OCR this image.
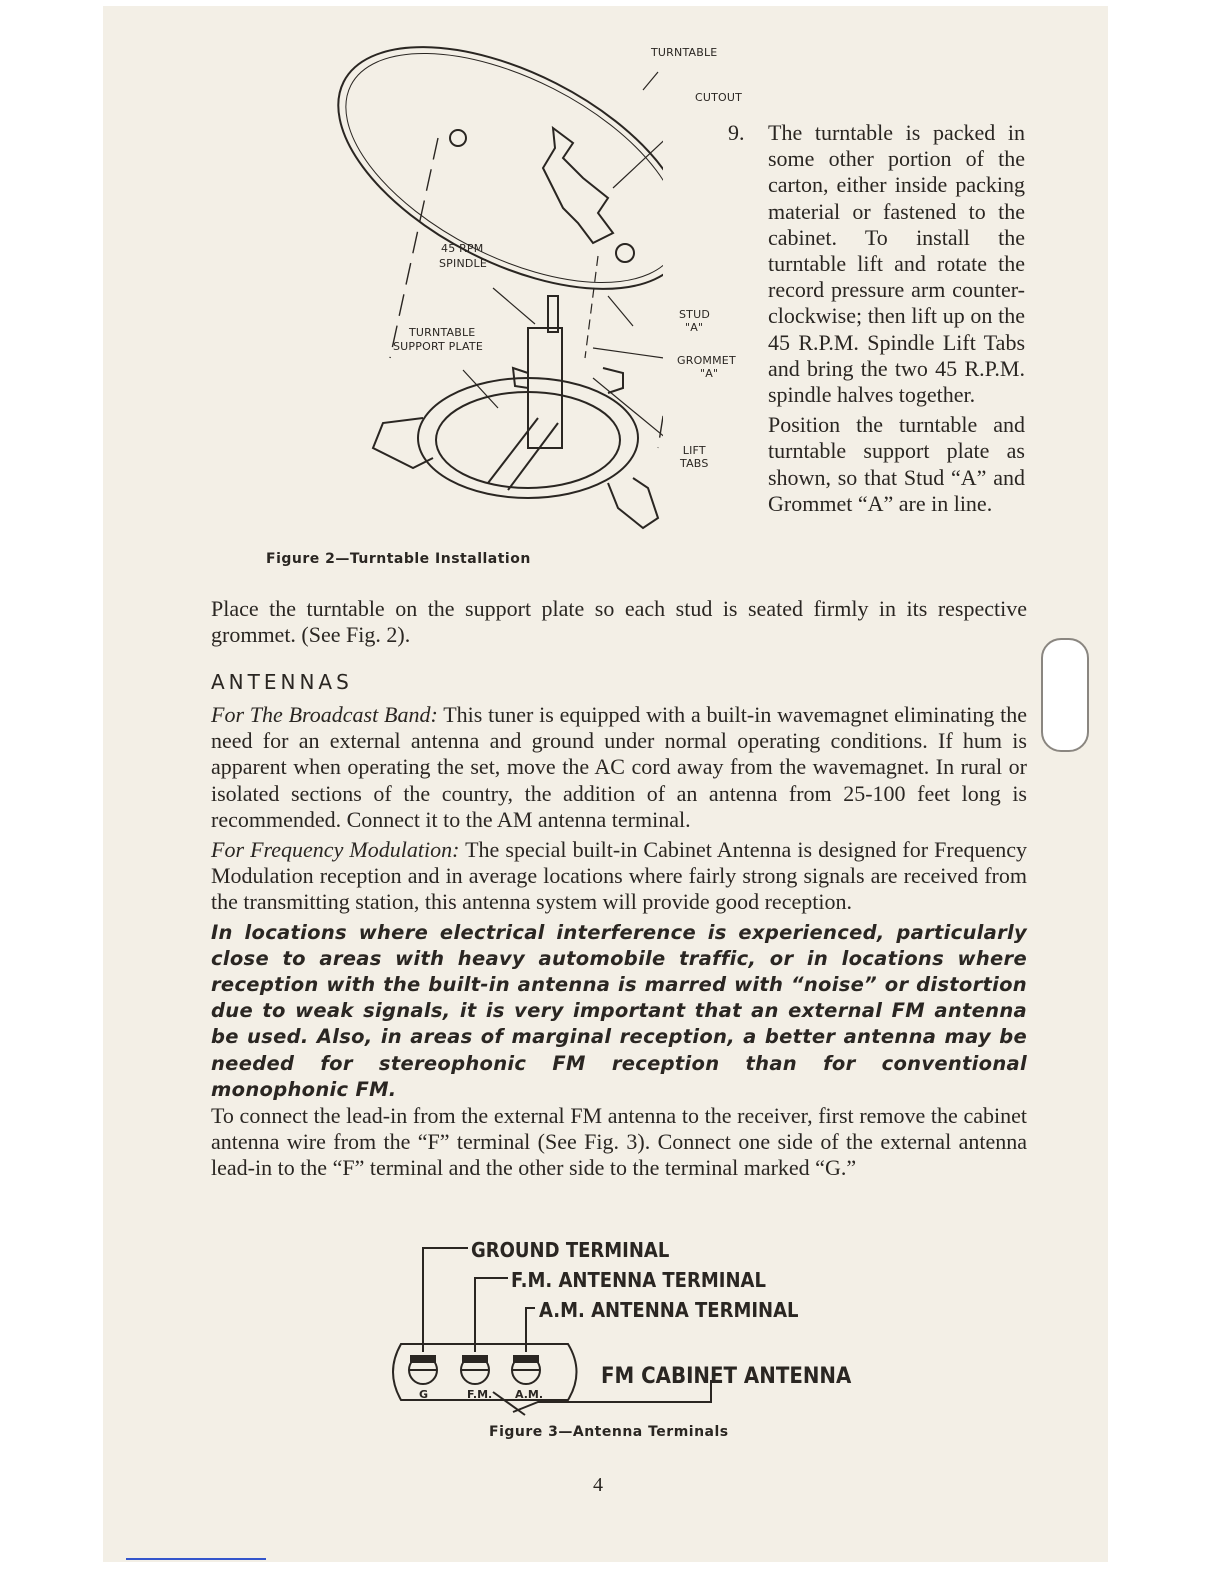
TURNTABLE
CUTOUT
45 RPM
SPINDLE
TURNTABLE
SUPPORT PLATE
STUD
"A"
GROMMET
"A"
LIFT TABS
Figure 2—Turntable Installation
9. The turntable is packed in some other portion of the carton, either inside packing material or fastened to the cabinet. To install the turntable lift and rotate the record pressure arm counter-clockwise; then lift up on the 45 R.P.M. Spindle Lift Tabs and bring the two 45 R.P.M. spindle halves together.

Position the turntable and turntable support plate as shown, so that Stud “A” and Grommet “A” are in line.

Place the turntable on the support plate so each stud is seated firmly in its respective grommet. (See Fig. 2).

ANTENNAS

For The Broadcast Band: This tuner is equipped with a built-in wavemagnet eliminating the need for an external antenna and ground under normal operating conditions. If hum is apparent when operating the set, move the AC cord away from the wavemagnet. In rural or isolated sections of the country, the addition of an antenna from 25-100 feet long is recommended. Connect it to the AM antenna terminal.

For Frequency Modulation: The special built-in Cabinet Antenna is designed for Frequency Modulation reception and in average locations where fairly strong signals are received from the transmitting station, this antenna system will provide good reception.

In locations where electrical interference is experienced, particularly close to areas with heavy automobile traffic, or in locations where reception with the built-in antenna is marred with “noise” or distortion due to weak signals, it is very important that an external FM antenna be used. Also, in areas of marginal reception, a better antenna may be needed for stereophonic FM reception than for conventional monophonic FM.

To connect the lead-in from the external FM antenna to the receiver, first remove the cabinet antenna wire from the “F” terminal (See Fig. 3). Connect one side of the external antenna lead-in to the “F” terminal and the other side to the terminal marked “G.”

GROUND TERMINAL
F.M. ANTENNA TERMINAL
A.M. ANTENNA TERMINAL
FM CABINET ANTENNA
G	F.M. A.M.
Figure 3—Antenna Terminals
4
